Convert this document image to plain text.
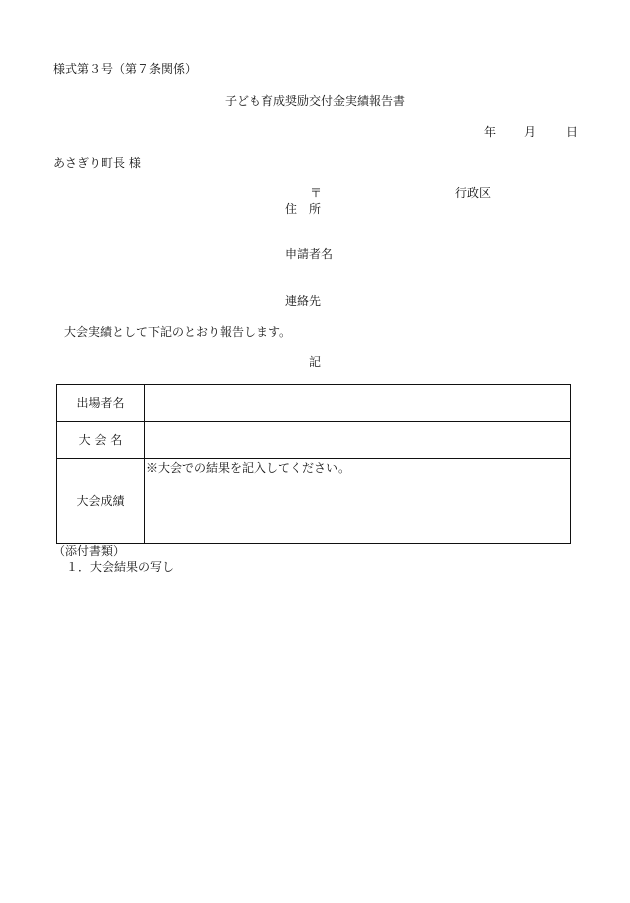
様式第３号（第７条関係）
子ども育成奨励交付金実績報告書
年 月 日
あさぎり町長 様
〒	行政区
住　所
申請者名
連絡先
大会実績として下記のとおり報告します。
記
出場者名	
大 会 名	
大会成績	※大会での結果を記入してください。
（添付書類）
１．大会結果の写し
